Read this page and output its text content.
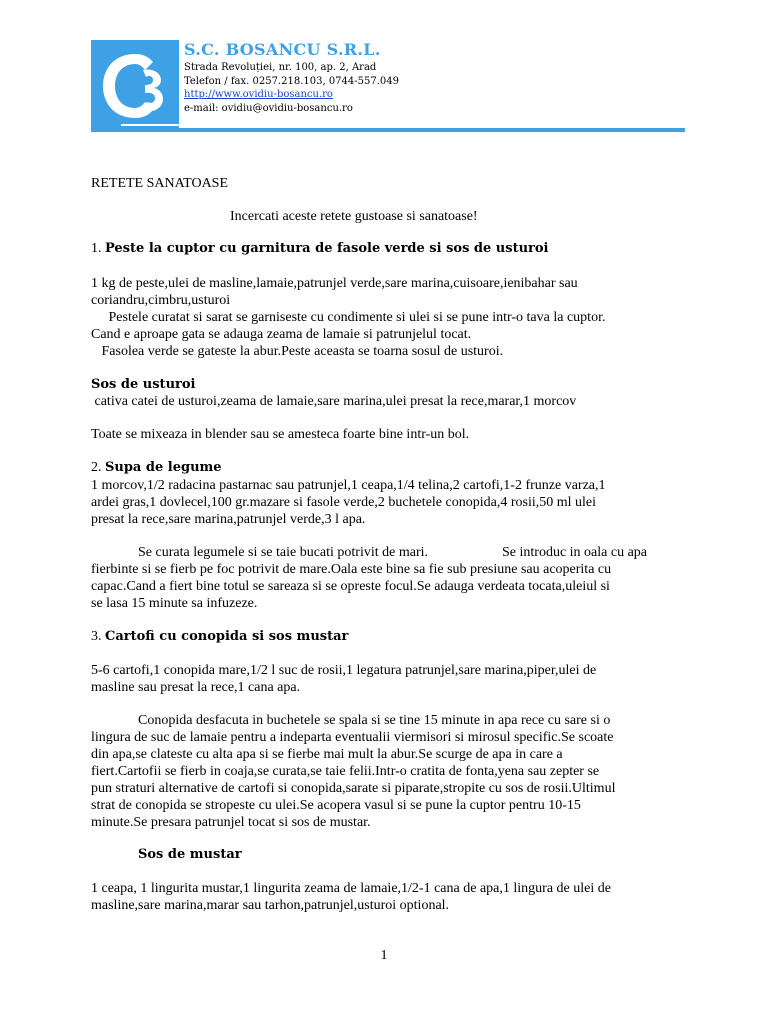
S.C. BOSANCU S.R.L.
Strada Revoluției, nr. 100, ap. 2, Arad
Telefon / fax. 0257.218.103, 0744-557.049
http://www.ovidiu-bosancu.ro
e-mail: ovidiu@ovidiu-bosancu.ro
RETETE SANATOASE
Incercati aceste retete gustoase si sanatoase!
1. Peste la cuptor cu garnitura de fasole verde si sos de usturoi
1 kg de peste,ulei de masline,lamaie,patrunjel verde,sare marina,cuisoare,ienibahar sau
coriandru,cimbru,usturoi
Pestele curatat si sarat se garniseste cu condimente si ulei si se pune intr-o tava la cuptor.
Cand e aproape gata se adauga zeama de lamaie si patrunjelul tocat.
Fasolea verde se gateste la abur.Peste aceasta se toarna sosul de usturoi.
Sos de usturoi
cativa catei de usturoi,zeama de lamaie,sare marina,ulei presat la rece,marar,1 morcov
Toate se mixeaza in blender sau se amesteca foarte bine intr-un bol.
2. Supa de legume
1 morcov,1/2 radacina pastarnac sau patrunjel,1 ceapa,1/4 telina,2 cartofi,1-2 frunze varza,1
ardei gras,1 dovlecel,100 gr.mazare si fasole verde,2 buchetele conopida,4 rosii,50 ml ulei
presat la rece,sare marina,patrunjel verde,3 l apa.
Se curata legumele si se taie bucati potrivit de mari.	Se introduc in oala cu apa
fierbinte si se fierb pe foc potrivit de mare.Oala este bine sa fie sub presiune sau acoperita cu
capac.Cand a fiert bine totul se sareaza si se opreste focul.Se adauga verdeata tocata,uleiul si
se lasa 15 minute sa infuzeze.
3. Cartofi cu conopida si sos mustar
5-6 cartofi,1 conopida mare,1/2 l suc de rosii,1 legatura patrunjel,sare marina,piper,ulei de
masline sau presat la rece,1 cana apa.
Conopida desfacuta in buchetele se spala si se tine 15 minute in apa rece cu sare si o
lingura de suc de lamaie pentru a indeparta eventualii viermisori si mirosul specific.Se scoate
din apa,se clateste cu alta apa si se fierbe mai mult la abur.Se scurge de apa in care a
fiert.Cartofii se fierb in coaja,se curata,se taie felii.Intr-o cratita de fonta,yena sau zepter se
pun straturi alternative de cartofi si conopida,sarate si piparate,stropite cu sos de rosii.Ultimul
strat de conopida se stropeste cu ulei.Se acopera vasul si se pune la cuptor pentru 10-15
minute.Se presara patrunjel tocat si sos de mustar.
Sos de mustar
1 ceapa, 1 lingurita mustar,1 lingurita zeama de lamaie,1/2-1 cana de apa,1 lingura de ulei de
masline,sare marina,marar sau tarhon,patrunjel,usturoi optional.
1
